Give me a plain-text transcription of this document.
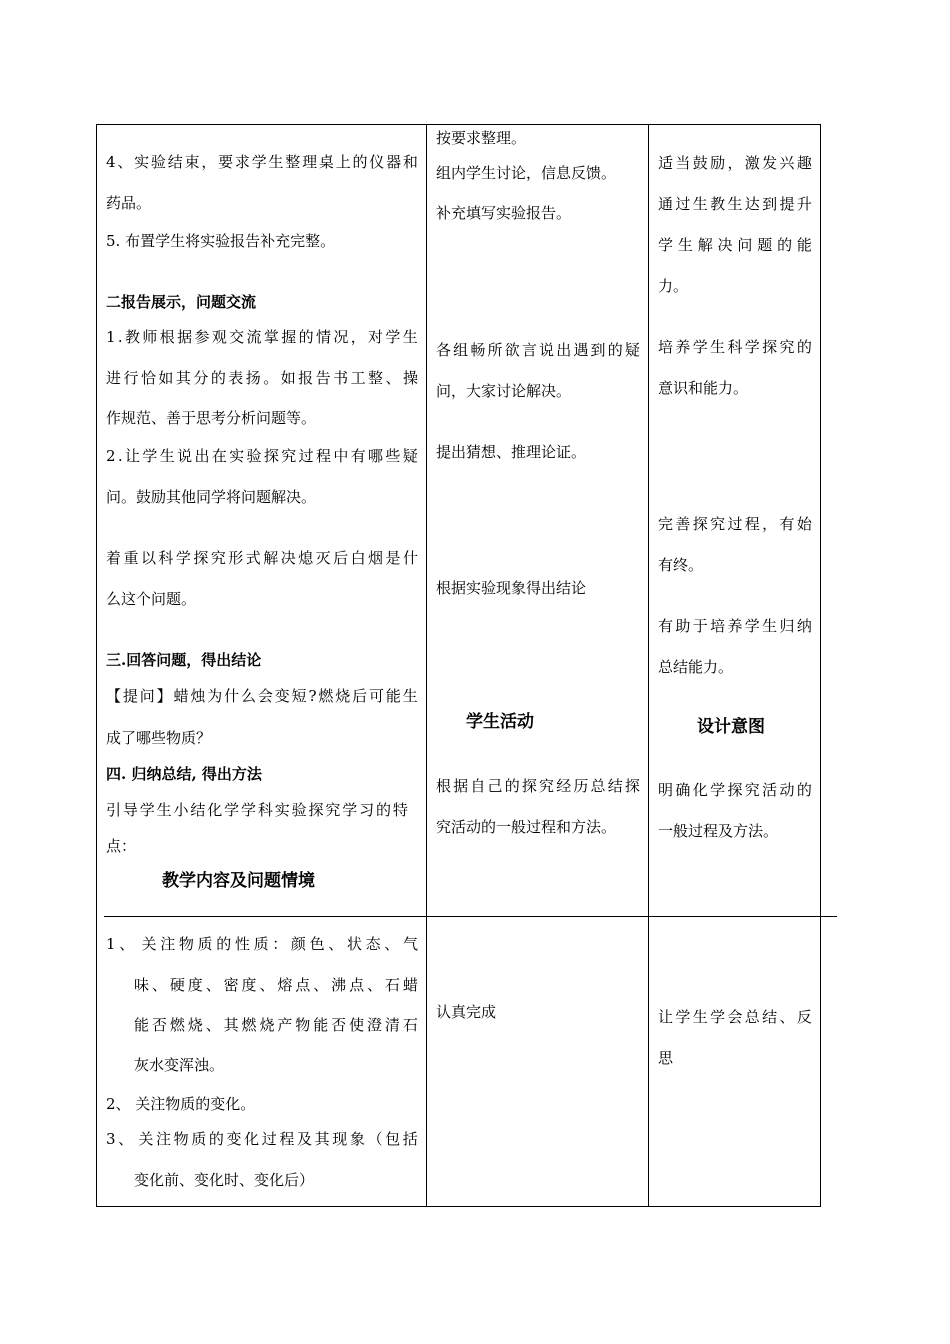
4 、 实 验 结 束 ， 要 求 学 生 整 理 桌 上 的 仪 器 和
药品。
5. 布置学生将实验报告补充完整。
二报告展示，问题交流
1 . 教 师 根 据 参 观 交 流 掌 握 的 情 况 ， 对 学 生
进 行 恰 如 其 分 的 表 扬 。 如 报 告 书 工 整 、 操
作规范、善于思考分析问题等。
2 . 让 学 生 说 出 在 实 验 探 究 过 程 中 有 哪 些 疑
问。鼓励其他同学将问题解决。
着 重 以 科 学 探 究 形 式 解 决 熄 灭 后 白 烟 是 什
么这个问题。
三.回答问题，得出结论
【 提 问 】 蜡 烛 为 什 么 会 变 短 ? 燃 烧 后 可 能 生
成了哪些物质？
四. 归纳总结, 得出方法
引 导 学 生 小 结 化 学 学 科 实 验 探 究 学 习 的 特
点：
教学内容及问题情境
1 、 关 注 物 质 的 性 质 ： 颜 色 、 状 态 、 气
味 、 硬 度 、 密 度 、 熔 点 、 沸 点 、 石 蜡
能 否 燃 烧 、 其 燃 烧 产 物 能 否 使 澄 清 石
灰水变浑浊。
2、 关注物质的变化。
3 、 关 注 物 质 的 变 化 过 程 及 其 现 象 （ 包 括
变化前、变化时、变化后）
按要求整理。
组内学生讨论，信息反馈。
补充填写实验报告。
各 组 畅 所 欲 言 说 出 遇 到 的 疑
问，大家讨论解决。
提出猜想、推理论证。
根据实验现象得出结论
学生活动
根 据 自 己 的 探 究 经 历 总 结 探
究活动的一般过程和方法。
认真完成
适 当 鼓 励 ， 激 发 兴 趣
通 过 生 教 生 达 到 提 升
学 生 解 决 问 题 的 能
力。
培 养 学 生 科 学 探 究 的
意识和能力。
完 善 探 究 过 程 ， 有 始
有终。
有 助 于 培 养 学 生 归 纳
总结能力。
设计意图
明 确 化 学 探 究 活 动 的
一般过程及方法。
让 学 生 学 会 总 结 、 反
思
